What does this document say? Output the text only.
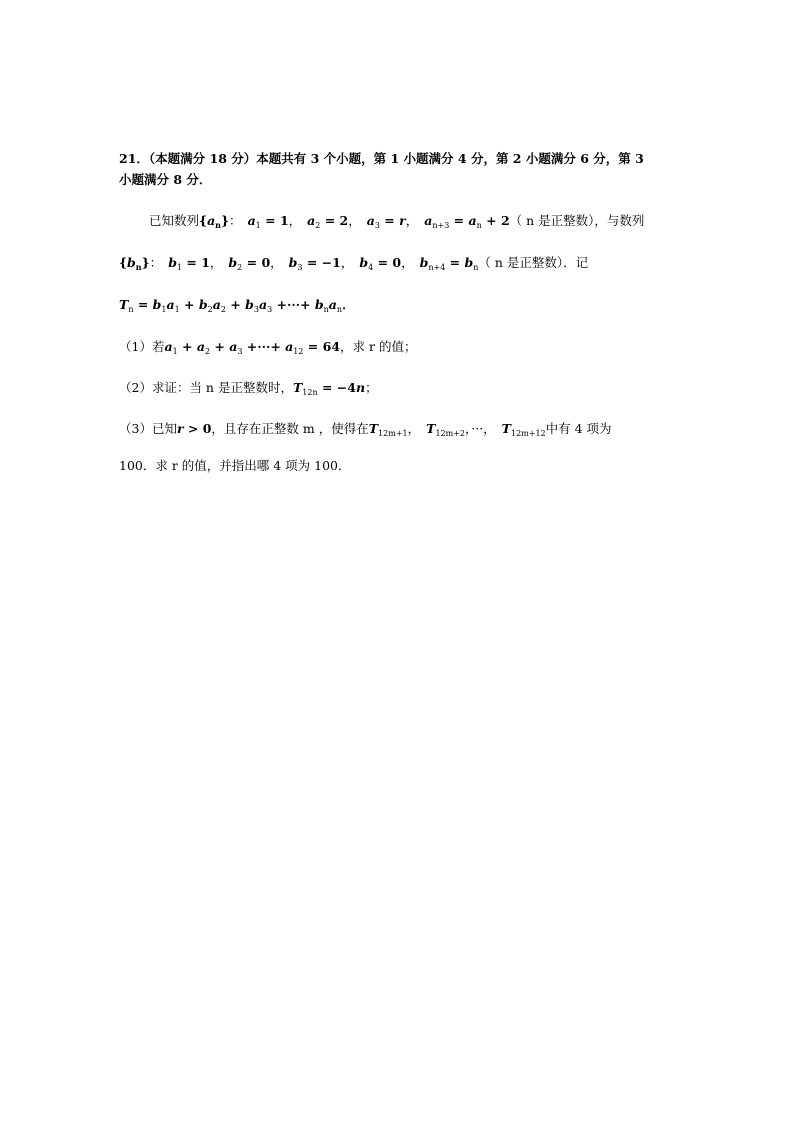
21．（本题满分 18 分）本题共有 3 个小题，第 1 小题满分 4 分，第 2 小题满分 6 分，第 3
小题满分 8 分．
已知数列$\{a_n\}$： $a_1 = 1$， $a_2 = 2$， $a_3 = r$， $a_{n+3} = a_n + 2$（ n 是正整数），与数列
$\{b_n\}$： $b_1 = 1$， $b_2 = 0$， $b_3 = -1$， $b_4 = 0$， $b_{n+4} = b_n$（ n 是正整数）．记
$T_n = b_1a_1 + b_2a_2 + b_3a_3$ +···+ $b_na_n$．
（1）若$a_1 + a_2 + a_3$ +···+ $a_{12} = 64$，求 r 的值；
（2）求证：当 n 是正整数时，$T_{12n} = -4n$；
（3）已知r > 0，且存在正整数 m ，使得在$T_{12m+1}$， $T_{12m+2}$，···， $T_{12m+12}$中有 4 项为
100．求 r 的值，并指出哪 4 项为 100．
